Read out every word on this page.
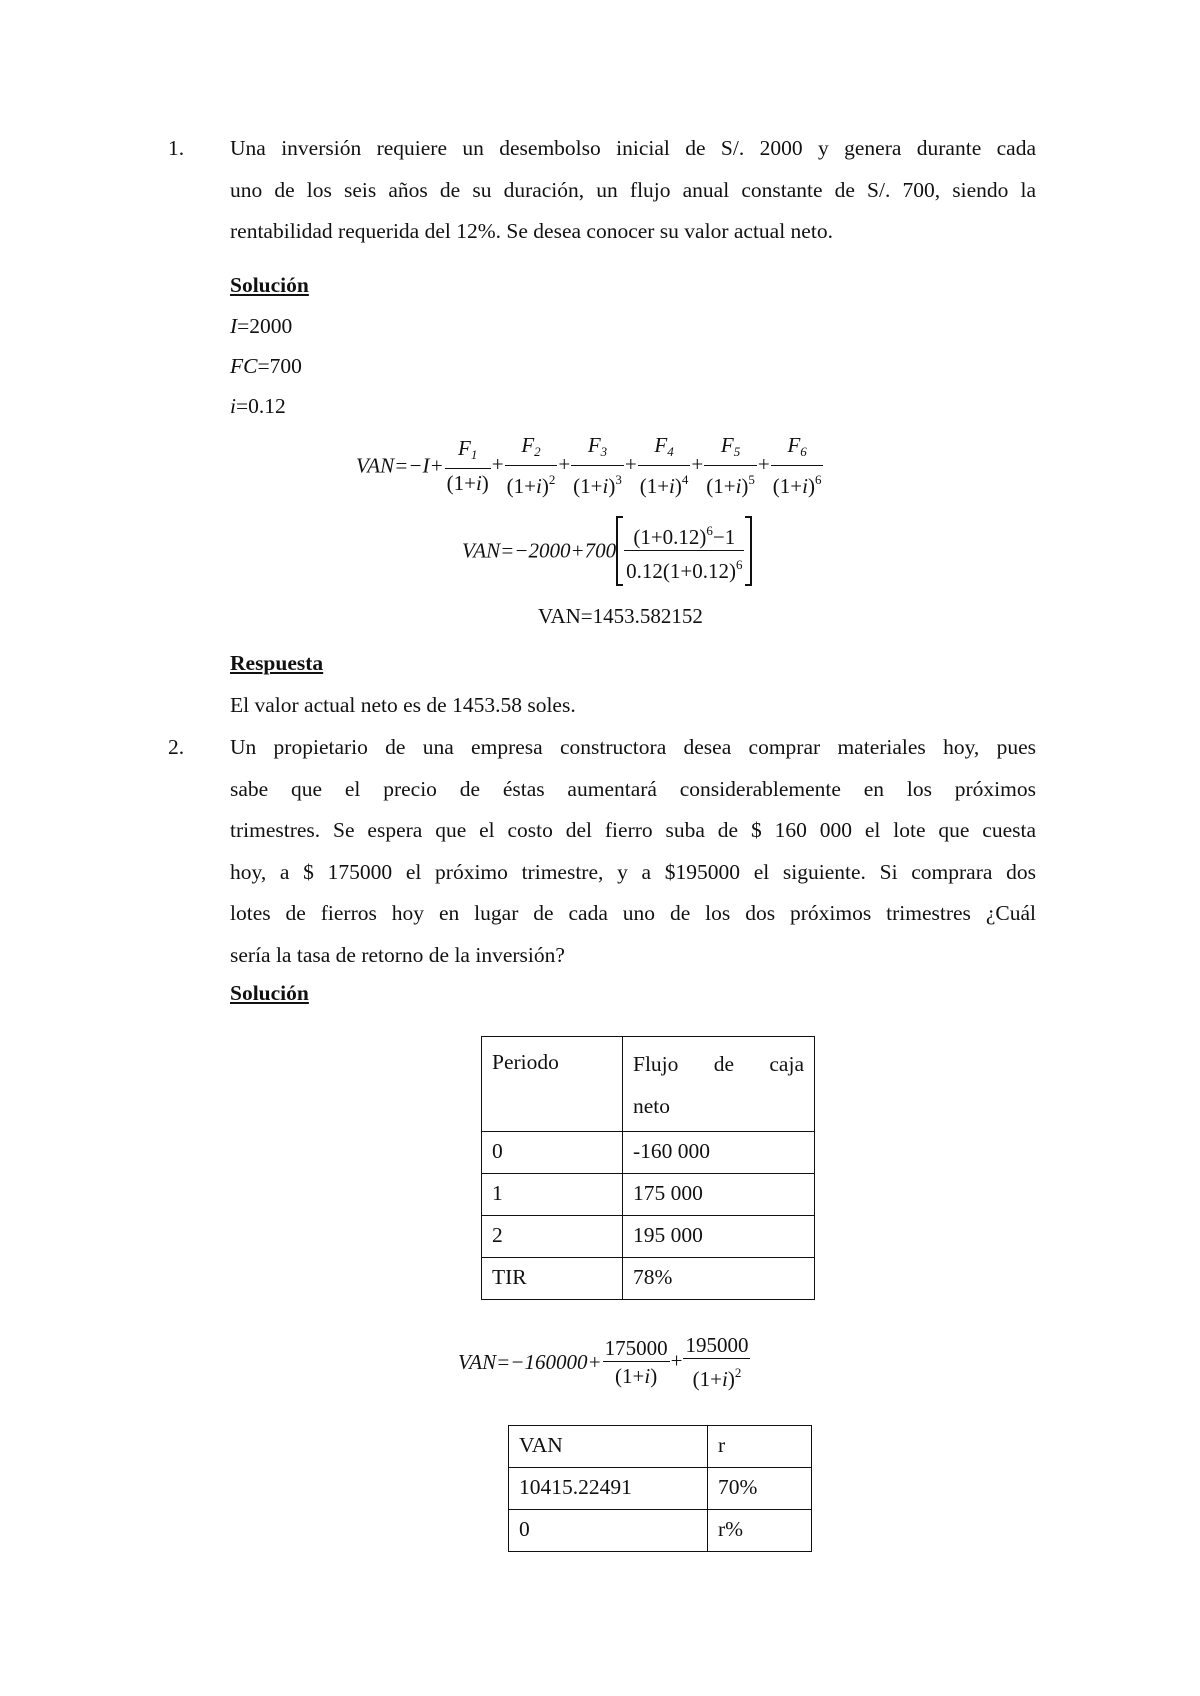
1. Una inversión requiere un desembolso inicial de S/. 2000 y genera durante cada
uno de los seis años de su duración, un flujo anual constante de S/. 700, siendo la
rentabilidad requerida del 12%. Se desea conocer su valor actual neto.
Solución
I=2000
FC=700
i=0.12
$VAN=-I+ \frac{F_1}{(1+i)} + \frac{F_2}{(1+i)^2} + \frac{F_3}{(1+i)^3} + \frac{F_4}{(1+i)^4} + \frac{F_5}{(1+i)^5} + \frac{F_6}{(1+i)^6}$
$VAN=-2000+700 \frac{(1+0.12)^6-1}{0.12(1+0.12)^6}$
VAN=1453.582152
Respuesta
El valor actual neto es de 1453.58 soles.
2. Un propietario de una empresa constructora desea comprar materiales hoy, pues
sabe que el precio de éstas aumentará considerablemente en los próximos
trimestres. Se espera que el costo del fierro suba de $ 160 000 el lote que cuesta
hoy, a $ 175000 el próximo trimestre, y a $195000 el siguiente. Si comprara dos
lotes de fierros hoy en lugar de cada uno de los dos próximos trimestres ¿Cuál
sería la tasa de retorno de la inversión?
Solución
Periodo	Flujo de caja neto
0	-160 000
1	175 000
2	195 000
TIR	78%
$VAN=-160000+ \frac{175000}{(1+i)} + \frac{195000}{(1+i)^2}$
VAN	r
10415.22491	70%
0	r%
